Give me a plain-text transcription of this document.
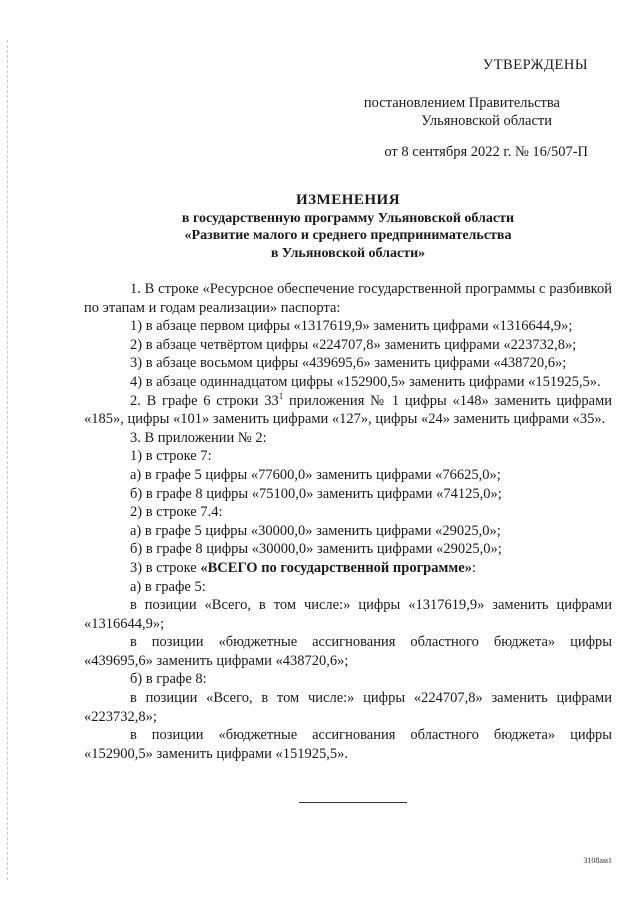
УТВЕРЖДЕНЫ
постановлением Правительства
Ульяновской области
от 8 сентября 2022 г. № 16/507-П
ИЗМЕНЕНИЯ
в государственную программу Ульяновской области
«Развитие малого и среднего предпринимательства
в Ульяновской области»

1. В строке «Ресурсное обеспечение государственной программы с разбивкой по этапам и годам реализации» паспорта:

1) в абзаце первом цифры «1317619,9» заменить цифрами «1316644,9»;

2) в абзаце четвёртом цифры «224707,8» заменить цифрами «223732,8»;

3) в абзаце восьмом цифры «439695,6» заменить цифрами «438720,6»;

4) в абзаце одиннадцатом цифры «152900,5» заменить цифрами «151925,5».

2. В графе 6 строки $33^1$ приложения № 1 цифры «148» заменить цифрами «185», цифры «101» заменить цифрами «127», цифры «24» заменить цифрами «35».

3. В приложении № 2:

1) в строке 7:

а) в графе 5 цифры «77600,0» заменить цифрами «76625,0»;

б) в графе 8 цифры «75100,0» заменить цифрами «74125,0»;

2) в строке 7.4:

а) в графе 5 цифры «30000,0» заменить цифрами «29025,0»;

б) в графе 8 цифры «30000,0» заменить цифрами «29025,0»;

3) в строке «ВСЕГО по государственной программе»:

а) в графе 5:

в позиции «Всего, в том числе:» цифры «1317619,9» заменить цифрами «1316644,9»;

в позиции «бюджетные ассигнования областного бюджета» цифры «439695,6» заменить цифрами «438720,6»;

б) в графе 8:

в позиции «Всего, в том числе:» цифры «224707,8» заменить цифрами «223732,8»;

в позиции «бюджетные ассигнования областного бюджета» цифры «152900,5» заменить цифрами «151925,5».

3108ам1
